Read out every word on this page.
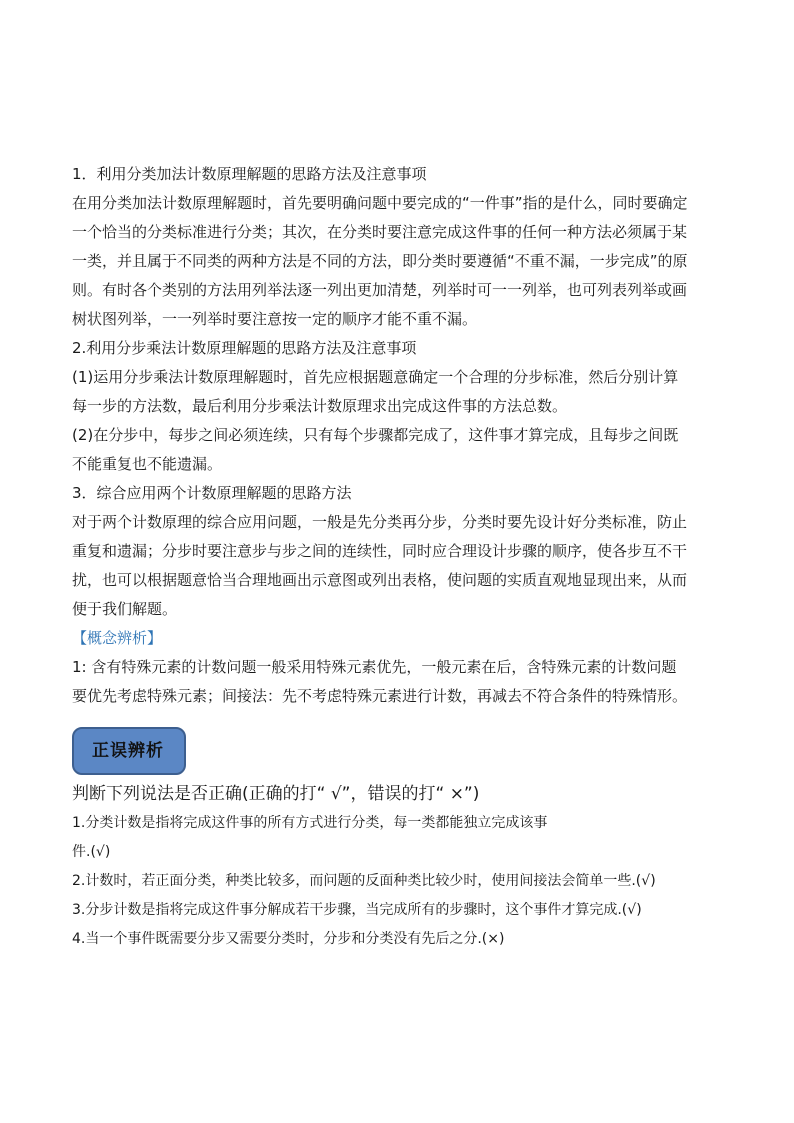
1．利用分类加法计数原理解题的思路方法及注意事项
在用分类加法计数原理解题时，首先要明确问题中要完成的“一件事”指的是什么，同时要确定
一个恰当的分类标准进行分类；其次，在分类时要注意完成这件事的任何一种方法必须属于某
一类，并且属于不同类的两种方法是不同的方法，即分类时要遵循“不重不漏，一步完成”的原
则。有时各个类别的方法用列举法逐一列出更加清楚，列举时可一一列举，也可列表列举或画
树状图列举，一一列举时要注意按一定的顺序才能不重不漏。
2.利用分步乘法计数原理解题的思路方法及注意事项
(1)运用分步乘法计数原理解题时，首先应根据题意确定一个合理的分步标准，然后分别计算
每一步的方法数，最后利用分步乘法计数原理求出完成这件事的方法总数。
(2)在分步中，每步之间必须连续，只有每个步骤都完成了，这件事才算完成，且每步之间既
不能重复也不能遗漏。
3．综合应用两个计数原理解题的思路方法
对于两个计数原理的综合应用问题，一般是先分类再分步，分类时要先设计好分类标准，防止
重复和遗漏；分步时要注意步与步之间的连续性，同时应合理设计步骤的顺序，使各步互不干
扰，也可以根据题意恰当合理地画出示意图或列出表格，使问题的实质直观地显现出来，从而
便于我们解题。
【概念辨析】
1: 含有特殊元素的计数问题一般采用特殊元素优先，一般元素在后，含特殊元素的计数问题
要优先考虑特殊元素；间接法：先不考虑特殊元素进行计数，再减去不符合条件的特殊情形。
正误辨析
判断下列说法是否正确(正确的打“ √”，错误的打“ ×”)
1.分类计数是指将完成这件事的所有方式进行分类，每一类都能独立完成该事
件.(√)
2.计数时，若正面分类，种类比较多，而问题的反面种类比较少时，使用间接法会简单一些.(√)
3.分步计数是指将完成这件事分解成若干步骤，当完成所有的步骤时，这个事件才算完成.(√)
4.当一个事件既需要分步又需要分类时，分步和分类没有先后之分.(×)
